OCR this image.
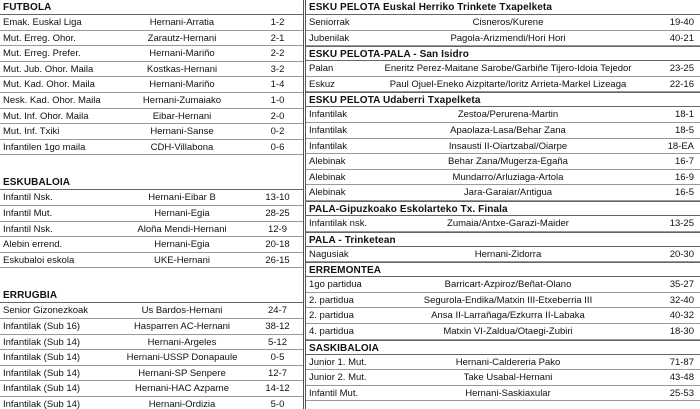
FUTBOLA
Emak. Euskal Liga	Hernani-Arratia	1-2
Mut. Erreg. Ohor.	Zarautz-Hernani	2-1
Mut. Erreg. Prefer.	Hernani-Mariño	2-2
Mut. Jub. Ohor. Maila	Kostkas-Hernani	3-2
Mut. Kad. Ohor. Maila	Hernani-Mariño	1-4
Nesk. Kad. Ohor. Maila	Hernani-Zumaiako	1-0
Mut. Inf. Ohor. Maila	Eibar-Hernani	2-0
Mut. Inf. Txiki	Hernani-Sanse	0-2
Infantilen 1go maila	CDH-Villabona	0-6
ESKUBALOIA
Infantil Nsk.	Hernani-Eibar B	13-10
Infantil Mut.	Hernani-Egia	28-25
Infantil Nsk.	Aloña Mendi-Hernani	12-9
Alebin errend.	Hernani-Egia	20-18
Eskubaloi eskola	UKE-Hernani	26-15
ERRUGBIA
Senior Gizonezkoak	Us Bardos-Hernani	24-7
Infantilak (Sub 16)	Hasparren AC-Hernani	38-12
Infantilak (Sub 14)	Hernani-Argeles	5-12
Infantilak (Sub 14)	Hernani-USSP Donapaule	0-5
Infantilak (Sub 14)	Hernani-SP Senpere	12-7
Infantilak (Sub 14)	Hernani-HAC Azparne	14-12
Infantilak (Sub 14)	Hernani-Ordizia	5-0
ESKU PELOTA Euskal Herriko Trinkete Txapelketa
Seniorrak	Cisneros/Kurene	19-40
Jubenilak	Pagola-Arizmendi/Hori Hori	40-21
ESKU PELOTA-PALA - San Isidro
Palan	Eneritz Perez-Maitane Sarobe/Garbiñe Tijero-Idoia Tejedor	23-25
Eskuz	Paul Ojuel-Eneko Aizpitarte/Ioritz Arrieta-Markel Lizeaga	22-16
ESKU PELOTA Udaberri Txapelketa
Infantilak	Zestoa/Perurena-Martin	18-1
Infantilak	Apaolaza-Lasa/Behar Zana	18-5
Infantilak	Insausti II-Oiartzabal/Oiarpe	18-EA
Alebinak	Behar Zana/Mugerza-Egaña	16-7
Alebinak	Mundarro/Arluziaga-Artola	16-9
Alebinak	Jara-Garaiar/Antigua	16-5
PALA-Gipuzkoako Eskolarteko Tx. Finala
Infantilak nsk.	Zumaia/Antxe-Garazi-Maider	13-25
PALA - Trinketean
Nagusiak	Hernani-Zidorra	20-30
ERREMONTEA
1go partidua	Barricart-Azpiroz/Beñat-Olano	35-27
2. partidua	Segurola-Endika/Matxin III-Etxeberria III	32-40
2. partidua	Ansa II-Larrañaga/Ezkurra II-Labaka	40-32
4. partidua	Matxin VI-Zaldua/Otaegi-Zubiri	18-30
SASKIBALOIA
Junior 1. Mut.	Hernani-Caldereria Pako	71-87
Junior 2. Mut.	Take Usabal-Hernani	43-48
Infantil Mut.	Hernani-Saskiaxular	25-53
